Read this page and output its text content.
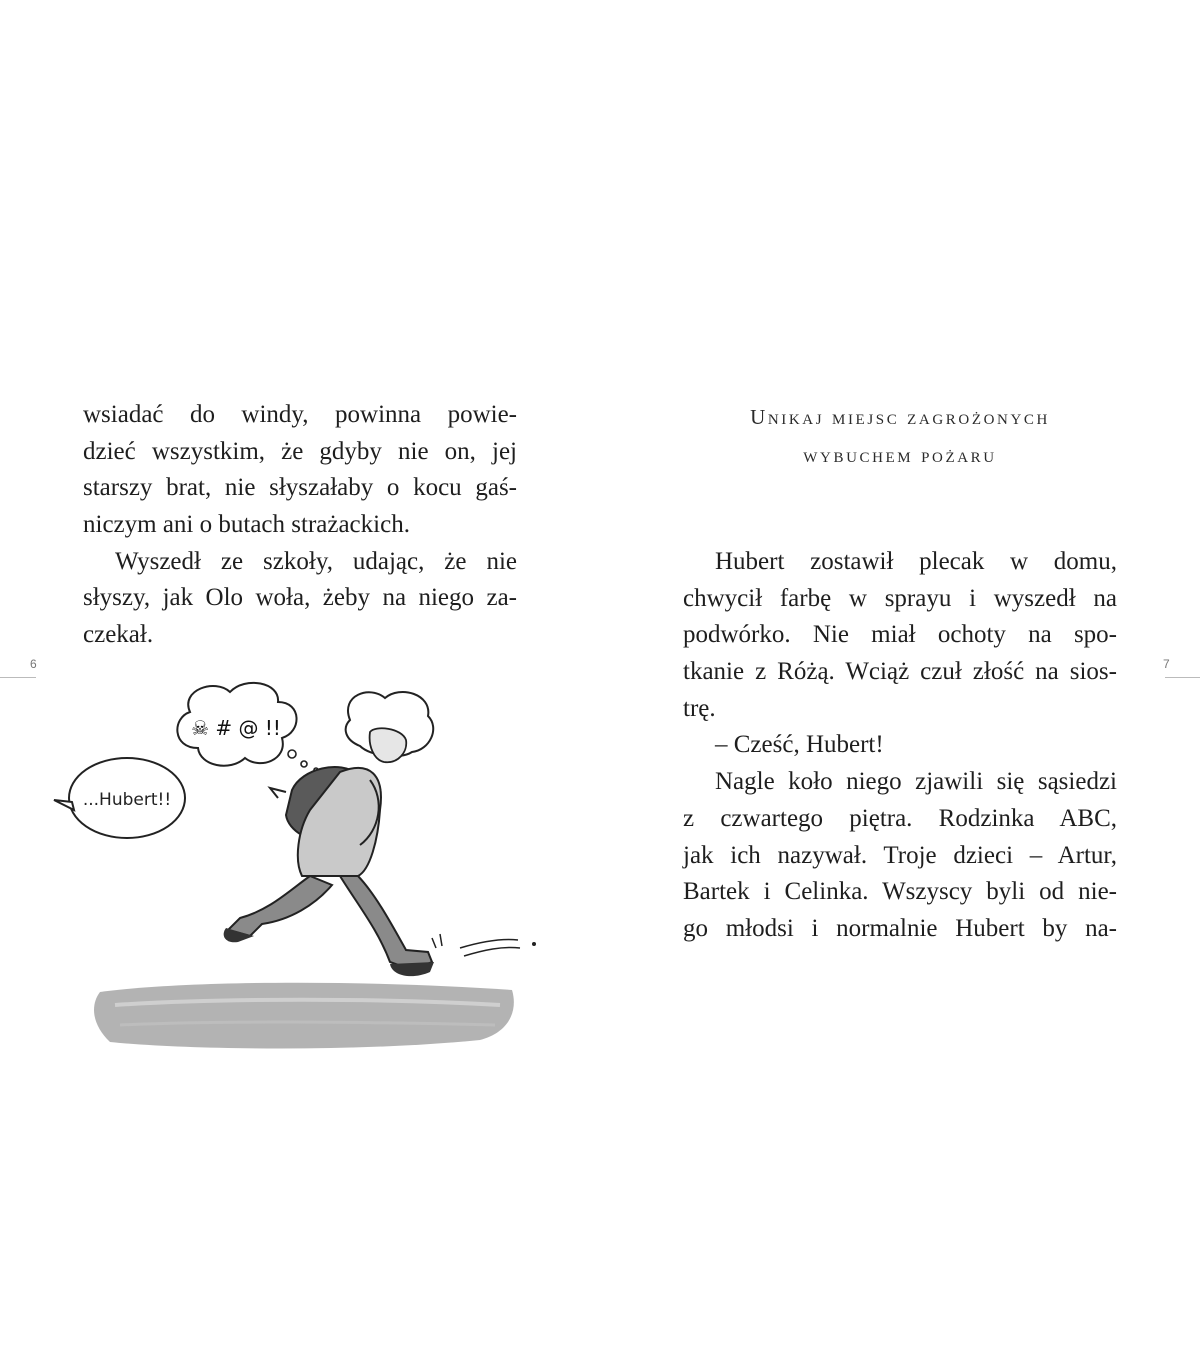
wsiadać do windy, powinna powie-
dzieć wszystkim, że gdyby nie on, jej
starszy brat, nie słyszałaby o kocu gaś-
niczym ani o butach strażackich.
Wyszedł ze szkoły, udając, że nie
słyszy, jak Olo woła, żeby na niego za-
czekał.
6
...Hubert!!
☠ # @ !!
Unikaj miejsc zagrożonych
wybuchem pożaru
Hubert zostawił plecak w domu,
chwycił farbę w sprayu i wyszedł na
podwórko. Nie miał ochoty na spo-
tkanie z Różą. Wciąż czuł złość na sios-
trę.
– Cześć, Hubert!
Nagle koło niego zjawili się sąsiedzi
z czwartego piętra. Rodzinka ABC,
jak ich nazywał. Troje dzieci – Artur,
Bartek i Celinka. Wszyscy byli od nie-
go młodsi i normalnie Hubert by na-
7
